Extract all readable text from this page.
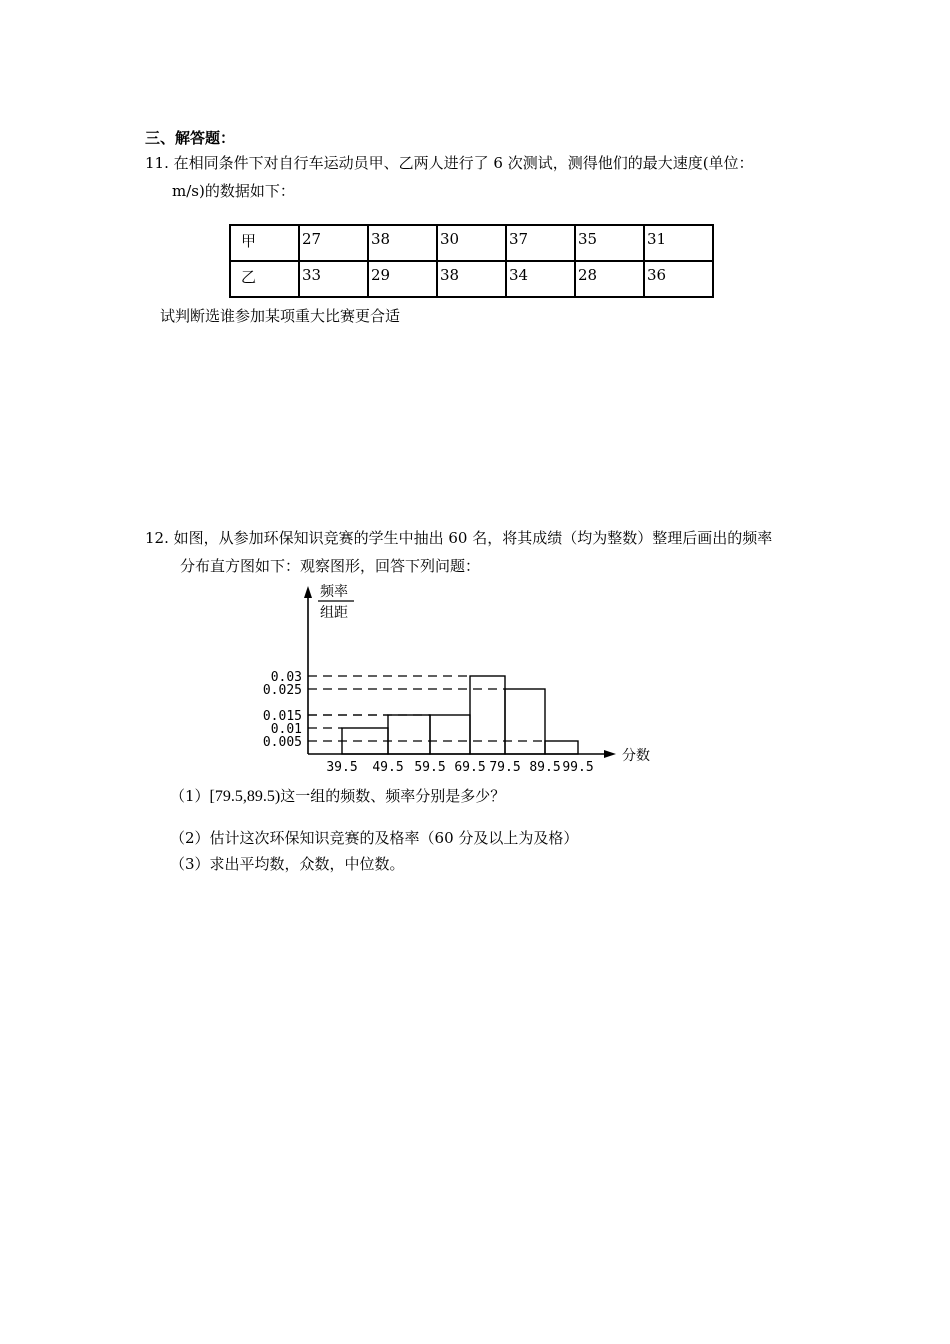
三、解答题：
11. 在相同条件下对自行车运动员甲、乙两人进行了 6 次测试，测得他们的最大速度(单位：
m/s)的数据如下：
甲	27	38	30	37	35	31
乙	33	29	38	34	28	36
试判断选谁参加某项重大比赛更合适
12. 如图，从参加环保知识竞赛的学生中抽出 60 名，将其成绩（均为整数）整理后画出的频率
分布直方图如下：观察图形，回答下列问题：
0.005
0.01
0.015
0.025
0.03
39.5 49.5 59.5 69.5 79.5 89.5 99.5
分数
频率
组距
（1）[79.5,89.5)这一组的频数、频率分别是多少？
（2）估计这次环保知识竞赛的及格率（60 分及以上为及格）
（3）求出平均数，众数，中位数。
